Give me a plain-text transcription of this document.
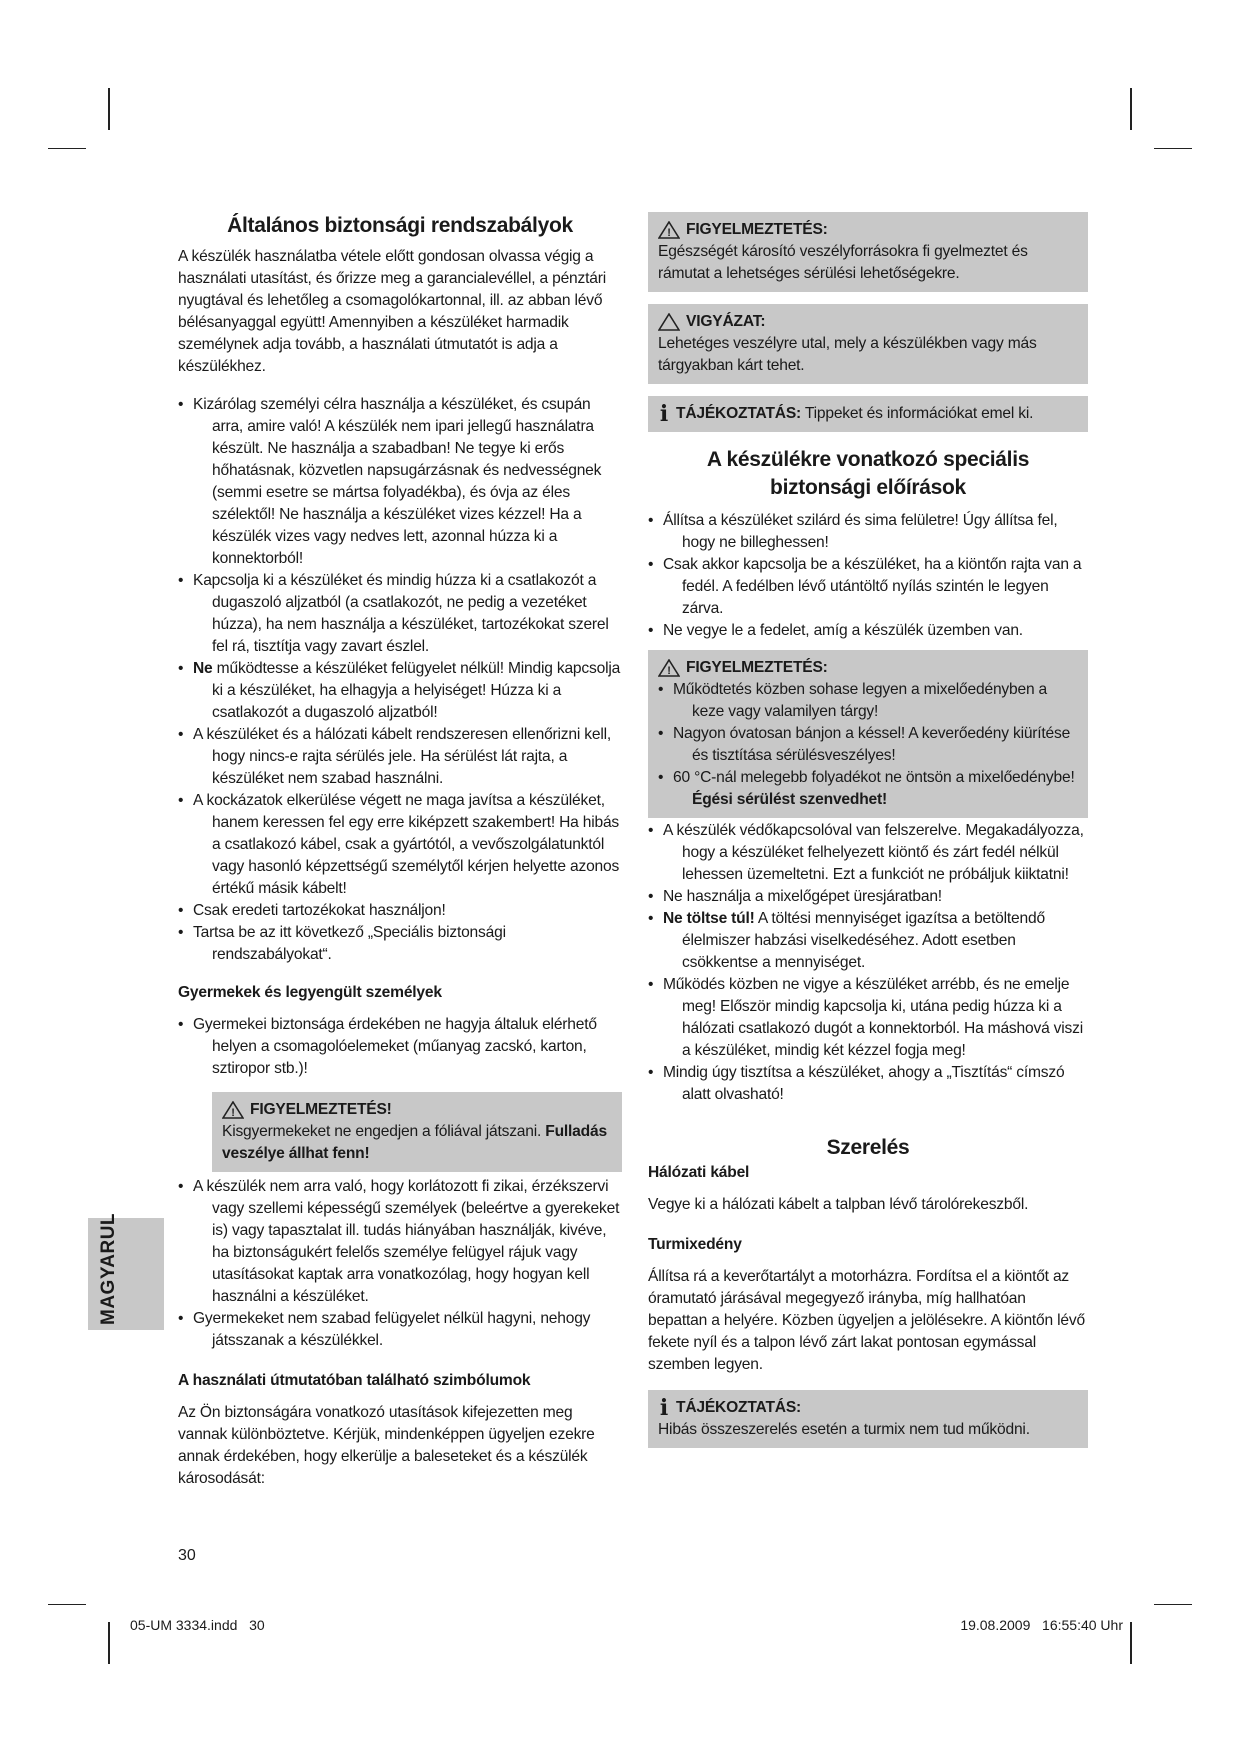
MAGYARUL
Általános biztonsági rendszabályok

A készülék használatba vétele előtt gondosan olvassa végig a használati utasítást, és őrizze meg a garancialevéllel, a pénztári nyugtával és lehetőleg a csomagolókartonnal, ill. az abban lévő bélésanyaggal együtt! Amennyiben a készüléket harmadik személynek adja tovább, a használati útmutatót is adja a készülékhez.

• Kizárólag személyi célra használja a készüléket, és csupán arra, amire való! A készülék nem ipari jellegű használatra készült. Ne használja a szabadban! Ne tegye ki erős hőhatásnak, közvetlen napsugárzásnak és nedvességnek (semmi esetre se mártsa folyadékba), és óvja az éles szélektől! Ne használja a készüléket vizes kézzel! Ha a készülék vizes vagy nedves lett, azonnal húzza ki a konnektorból!
• Kapcsolja ki a készüléket és mindig húzza ki a csatlakozót a dugaszoló aljzatból (a csatlakozót, ne pedig a vezetéket húzza), ha nem használja a készüléket, tartozékokat szerel fel rá, tisztítja vagy zavart észlel.
• Ne működtesse a készüléket felügyelet nélkül! Mindig kapcsolja ki a készüléket, ha elhagyja a helyiséget! Húzza ki a csatlakozót a dugaszoló aljzatból!
• A készüléket és a hálózati kábelt rendszeresen ellenőrizni kell, hogy nincs-e rajta sérülés jele. Ha sérülést lát rajta, a készüléket nem szabad használni.
• A kockázatok elkerülése végett ne maga javítsa a készüléket, hanem keressen fel egy erre kiképzett szakembert! Ha hibás a csatlakozó kábel, csak a gyártótól, a vevőszolgálatunktól vagy hasonló képzettségű személytől kérjen helyette azonos értékű másik kábelt!
• Csak eredeti tartozékokat használjon!
• Tartsa be az itt következő „Speciális biztonsági rendszabályokat“.
Gyermekek és legyengült személyek
• Gyermekei biztonsága érdekében ne hagyja általuk elérhető helyen a csomagolóelemeket (műanyag zacskó, karton, sztiropor stb.)!
! FIGYELMEZTETÉS!

Kisgyermekeket ne engedjen a fóliával játszani. Fulladás veszélye állhat fenn!

• A készülék nem arra való, hogy korlátozott fi zikai, érzékszervi vagy szellemi képességű személyek (beleértve a gyerekeket is) vagy tapasztalat ill. tudás hiányában használják, kivéve, ha biztonságukért felelős személye felügyel rájuk vagy utasításokat kaptak arra vonatkozólag, hogy hogyan kell használni a készüléket.
• Gyermekeket nem szabad felügyelet nélkül hagyni, nehogy játsszanak a készülékkel.
A használati útmutatóban található szimbólumok

Az Ön biztonságára vonatkozó utasítások kifejezetten meg vannak különböztetve. Kérjük, mindenképpen ügyeljen ezekre annak érdekében, hogy elkerülje a baleseteket és a készülék károsodását:

! FIGYELMEZTETÉS:

Egészségét károsító veszélyforrásokra fi gyelmeztet és rámutat a lehetséges sérülési lehetőségekre.

VIGYÁZAT:

Lehetéges veszélyre utal, mely a készülékben vagy más tárgyakban kárt tehet.

i TÁJÉKOZTATÁS: Tippeket és információkat emel ki.
A készülékre vonatkozó speciális
biztonsági előírások
• Állítsa a készüléket szilárd és sima felületre! Úgy állítsa fel, hogy ne billeghessen!
• Csak akkor kapcsolja be a készüléket, ha a kiöntőn rajta van a fedél. A fedélben lévő utántöltő nyílás szintén le legyen zárva.
• Ne vegye le a fedelet, amíg a készülék üzemben van.
! FIGYELMEZTETÉS:
• Működtetés közben sohase legyen a mixelőedényben a keze vagy valamilyen tárgy!
• Nagyon óvatosan bánjon a késsel! A keverőedény kiürítése és tisztítása sérülésveszélyes!
• 60 °C-nál melegebb folyadékot ne öntsön a mixelőedénybe! Égési sérülést szenvedhet!
• A készülék védőkapcsolóval van felszerelve. Megakadályozza, hogy a készüléket felhelyezett kiöntő és zárt fedél nélkül lehessen üzemeltetni. Ezt a funkciót ne próbáljuk kiiktatni!
• Ne használja a mixelőgépet üresjáratban!
• Ne töltse túl! A töltési mennyiséget igazítsa a betöltendő élelmiszer habzási viselkedéséhez. Adott esetben csökkentse a mennyiséget.
• Működés közben ne vigye a készüléket arrébb, és ne emelje meg! Először mindig kapcsolja ki, utána pedig húzza ki a hálózati csatlakozó dugót a konnektorból. Ha máshová viszi a készüléket, mindig két kézzel fogja meg!
• Mindig úgy tisztítsa a készüléket, ahogy a „Tisztítás“ címszó alatt olvasható!
Szerelés
Hálózati kábel

Vegye ki a hálózati kábelt a talpban lévő tárolórekeszből.

Turmixedény

Állítsa rá a keverőtartályt a motorházra. Fordítsa el a kiöntőt az óramutató járásával megegyező irányba, míg hallhatóan bepattan a helyére. Közben ügyeljen a jelölésekre. A kiöntőn lévő fekete nyíl és a talpon lévő zárt lakat pontosan egymással szemben legyen.

i TÁJÉKOZTATÁS:

Hibás összeszerelés esetén a turmix nem tud működni.

30
05-UM 3334.indd   30	19.08.2009   16:55:40 Uhr
